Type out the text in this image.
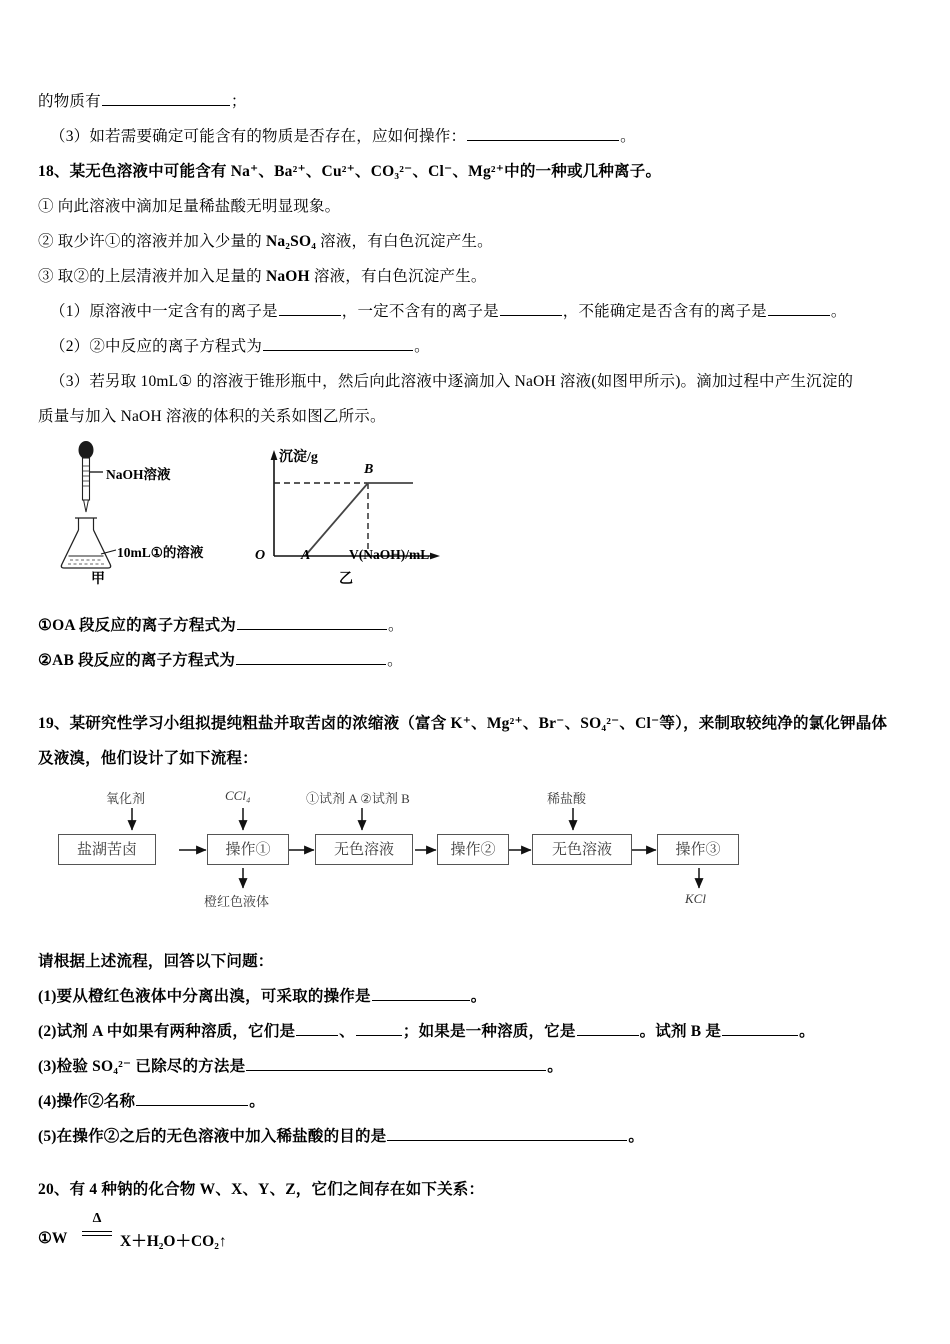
的物质有	；
（3）如若需要确定可能含有的物质是否存在，应如何操作：	。
18、某无色溶液中可能含有 Na⁺、Ba²⁺、Cu²⁺、CO₃²⁻、Cl⁻、Mg²⁺中的一种或几种离子。
① 向此溶液中滴加足量稀盐酸无明显现象。
② 取少许①的溶液并加入少量的 Na₂SO₄ 溶液，有白色沉淀产生。
③ 取②的上层清液并加入足量的 NaOH 溶液，有白色沉淀产生。
（1）原溶液中一定含有的离子是	，一定不含有的离子是	，不能确定是否含有的离子是	。
（2）②中反应的离子方程式为	。
（3）若另取 10mL① 的溶液于锥形瓶中，然后向此溶液中逐滴加入 NaOH 溶液(如图甲所示)。滴加过程中产生沉淀的
质量与加入 NaOH 溶液的体积的关系如图乙所示。
NaOH溶液
10mL①的溶液
甲
沉淀/g
O	A
B
V(NaOH)/mL
乙
①OA 段反应的离子方程式为	。
②AB 段反应的离子方程式为	。
19、某研究性学习小组拟提纯粗盐并取苦卤的浓缩液（富含 K⁺、Mg²⁺、Br⁻、SO₄²⁻、Cl⁻等），来制取较纯净的氯化钾晶体
及液溴，他们设计了如下流程：
氧化剂	CCl₄	①试剂 A ②试剂 B	稀盐酸
盐湖苦卤	操作①	无色溶液	操作②	无色溶液	操作③
橙红色液体	KCl
请根据上述流程，回答以下问题：
(1)要从橙红色液体中分离出溴，可采取的操作是	。
(2)试剂 A 中如果有两种溶质，它们是	、	；如果是一种溶质，它是	。试剂 B 是	。
(3)检验 SO₄²⁻ 已除尽的方法是	。
(4)操作②名称	。
(5)在操作②之后的无色溶液中加入稀盐酸的目的是	。
20、有 4 种钠的化合物 W、X、Y、Z，它们之间存在如下关系：
Δ
①W	X＋H₂O＋CO₂↑
